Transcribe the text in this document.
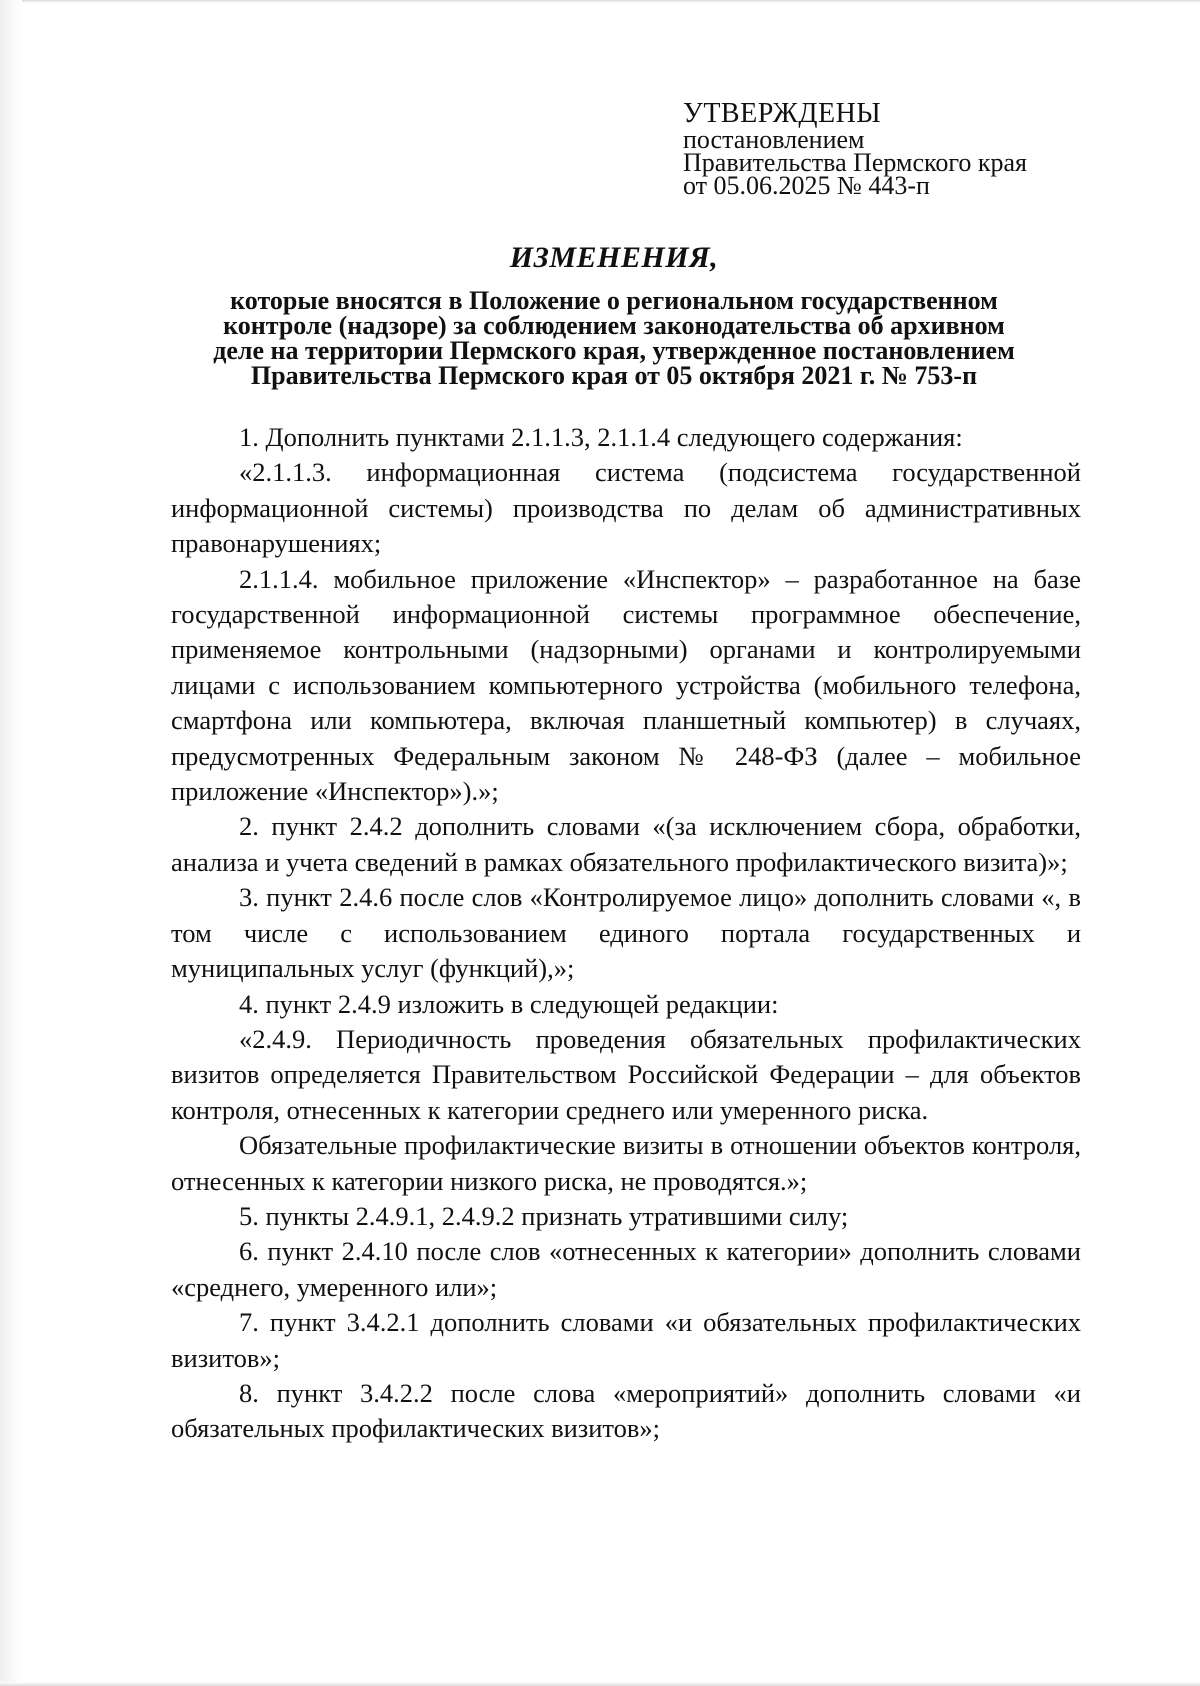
УТВЕРЖДЕНЫ
постановлением
Правительства Пермского края
от 05.06.2025 № 443-п
ИЗМЕНЕНИЯ,
которые вносятся в Положение о региональном государственном
контроле (надзоре) за соблюдением законодательства об архивном
деле на территории Пермского края, утвержденное постановлением
Правительства Пермского края от 05 октября 2021 г. № 753-п

1. Дополнить пунктами 2.1.1.3, 2.1.1.4 следующего содержания:

«2.1.1.3. информационная система (подсистема государственной информационной системы) производства по делам об административных правонарушениях;

2.1.1.4. мобильное приложение «Инспектор» – разработанное на базе государственной информационной системы программное обеспечение, применяемое контрольными (надзорными) органами и контролируемыми лицами с использованием компьютерного устройства (мобильного телефона, смартфона или компьютера, включая планшетный компьютер) в случаях, предусмотренных Федеральным законом № 248-ФЗ (далее – мобильное приложение «Инспектор»).»;

2. пункт 2.4.2 дополнить словами «(за исключением сбора, обработки, анализа и учета сведений в рамках обязательного профилактического визита)»;

3. пункт 2.4.6 после слов «Контролируемое лицо» дополнить словами «, в том числе с использованием единого портала государственных и муниципальных услуг (функций),»;

4. пункт 2.4.9 изложить в следующей редакции:

«2.4.9. Периодичность проведения обязательных профилактических визитов определяется Правительством Российской Федерации – для объектов контроля, отнесенных к категории среднего или умеренного риска.

Обязательные профилактические визиты в отношении объектов контроля, отнесенных к категории низкого риска, не проводятся.»;

5. пункты 2.4.9.1, 2.4.9.2 признать утратившими силу;

6. пункт 2.4.10 после слов «отнесенных к категории» дополнить словами «среднего, умеренного или»;

7. пункт 3.4.2.1 дополнить словами «и обязательных профилактических визитов»;

8. пункт 3.4.2.2 после слова «мероприятий» дополнить словами «и обязательных профилактических визитов»;
